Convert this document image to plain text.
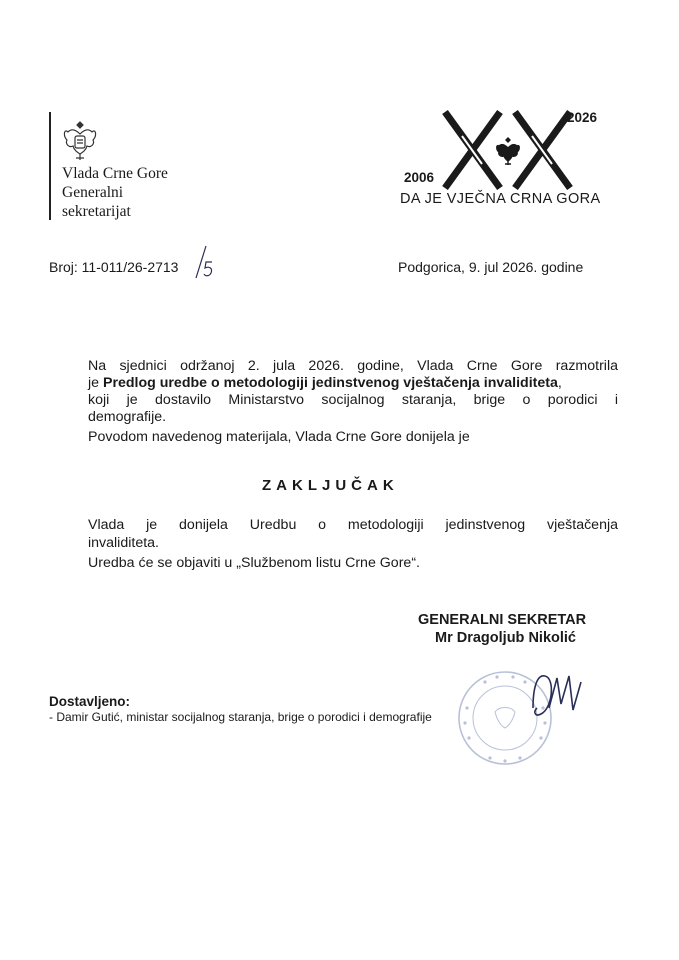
Vlada Crne Gore
Generalni
sekretarijat
2026
2006
DA JE VJEČNA CRNA GORA
Broj: 11-011/26-2713	Podgorica, 9. jul 2026. godine
Na sjednici održanoj 2. jula 2026. godine, Vlada Crne Gore razmotrila
je Predlog uredbe o metodologiji jedinstvenog vještačenja invaliditeta,
koji je dostavilo Ministarstvo socijalnog staranja, brige o porodici i
demografije.
Povodom navedenog materijala, Vlada Crne Gore donijela je
ZAKLJUČAK
Vlada je donijela Uredbu o metodologiji jedinstvenog vještačenja
invaliditeta.
Uredba će se objaviti u „Službenom listu Crne Gore“.
GENERALNI SEKRETAR
Mr Dragoljub Nikolić
Dostavljeno:
- Damir Gutić, ministar socijalnog staranja, brige o porodici i demografije
